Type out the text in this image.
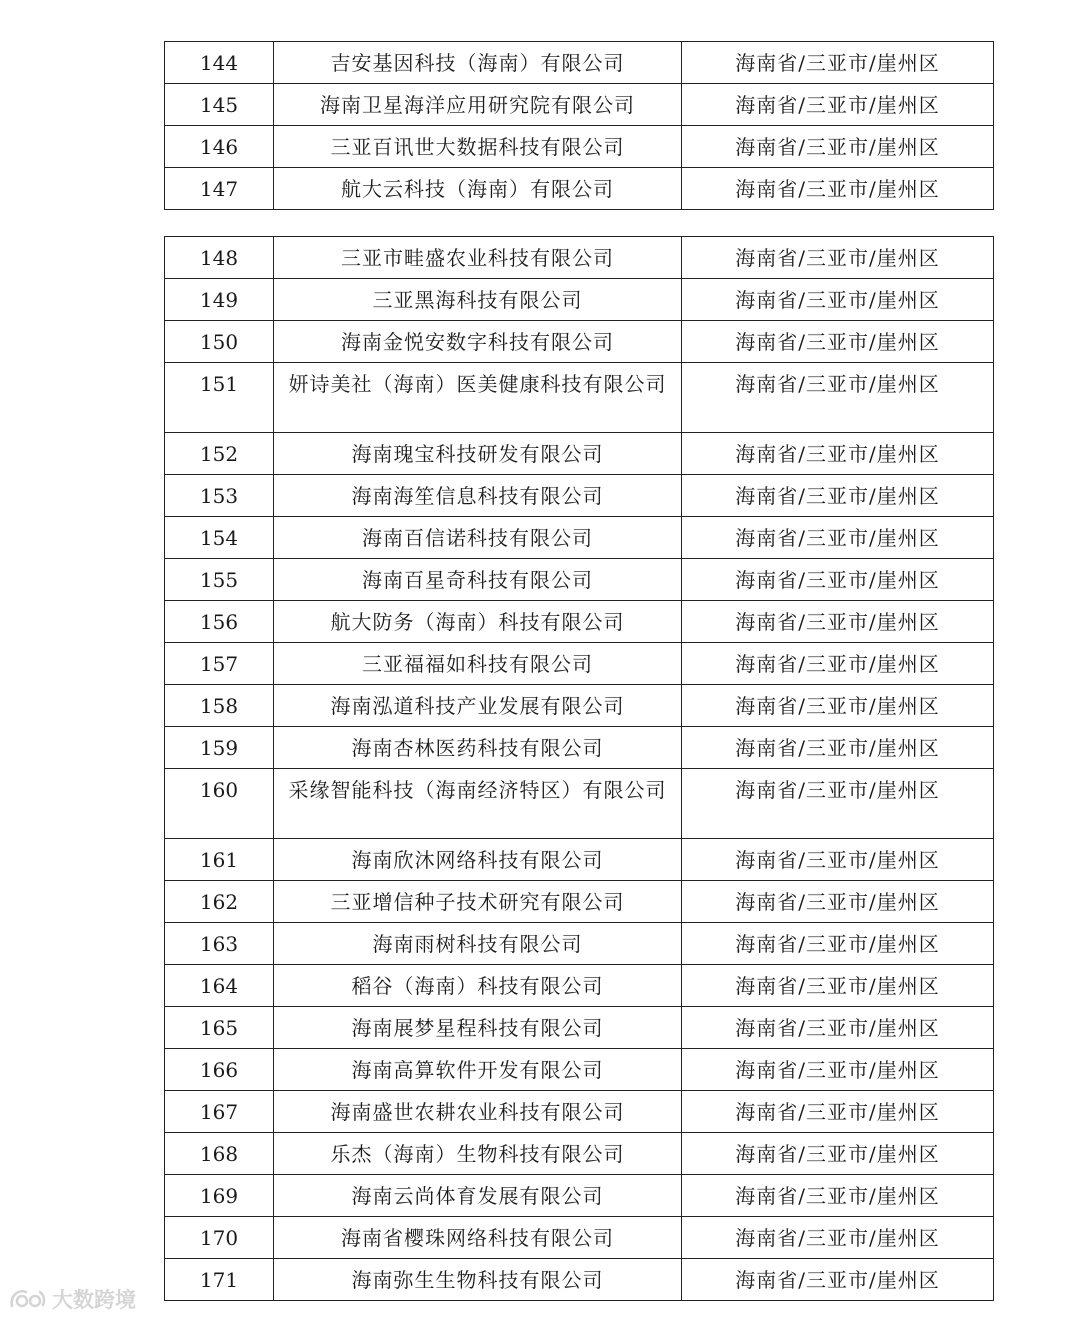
144	吉安基因科技（海南）有限公司	海南省/三亚市/崖州区
145	海南卫星海洋应用研究院有限公司	海南省/三亚市/崖州区
146	三亚百讯世大数据科技有限公司	海南省/三亚市/崖州区
147	航大云科技（海南）有限公司	海南省/三亚市/崖州区
148	三亚市畦盛农业科技有限公司	海南省/三亚市/崖州区
149	三亚黑海科技有限公司	海南省/三亚市/崖州区
150	海南金悦安数字科技有限公司	海南省/三亚市/崖州区
151	妍诗美社（海南）医美健康科技有限公司	海南省/三亚市/崖州区
152	海南瑰宝科技研发有限公司	海南省/三亚市/崖州区
153	海南海笙信息科技有限公司	海南省/三亚市/崖州区
154	海南百信诺科技有限公司	海南省/三亚市/崖州区
155	海南百星奇科技有限公司	海南省/三亚市/崖州区
156	航大防务（海南）科技有限公司	海南省/三亚市/崖州区
157	三亚福福如科技有限公司	海南省/三亚市/崖州区
158	海南泓道科技产业发展有限公司	海南省/三亚市/崖州区
159	海南杏林医药科技有限公司	海南省/三亚市/崖州区
160	采缘智能科技（海南经济特区）有限公司	海南省/三亚市/崖州区
161	海南欣沐网络科技有限公司	海南省/三亚市/崖州区
162	三亚增信种子技术研究有限公司	海南省/三亚市/崖州区
163	海南雨树科技有限公司	海南省/三亚市/崖州区
164	稻谷（海南）科技有限公司	海南省/三亚市/崖州区
165	海南展梦星程科技有限公司	海南省/三亚市/崖州区
166	海南高算软件开发有限公司	海南省/三亚市/崖州区
167	海南盛世农耕农业科技有限公司	海南省/三亚市/崖州区
168	乐杰（海南）生物科技有限公司	海南省/三亚市/崖州区
169	海南云尚体育发展有限公司	海南省/三亚市/崖州区
170	海南省樱珠网络科技有限公司	海南省/三亚市/崖州区
171	海南弥生生物科技有限公司	海南省/三亚市/崖州区
大数跨境
